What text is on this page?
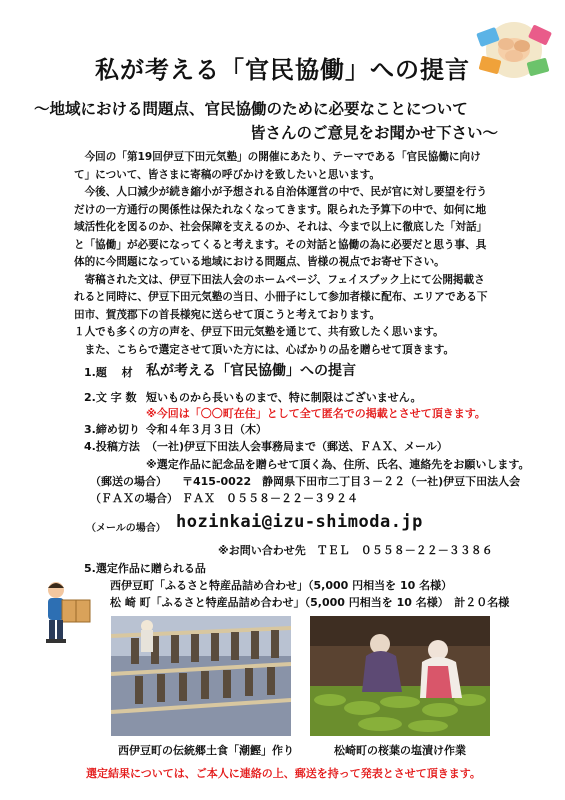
私が考える「官民協働」への提言
～地域における問題点、官民協働のために必要なことについて
皆さんのご意見をお聞かせ下さい～

今回の「第19回伊豆下田元気塾」の開催にあたり、テーマである「官民協働に向けて」について、皆さまに寄稿の呼びかけを致したいと思います。

今後、人口減少が続き縮小が予想される自治体運営の中で、民が官に対し要望を行うだけの一方通行の関係性は保たれなくなってきます。限られた予算下の中で、如何に地域活性化を図るのか、社会保障を支えるのか、それは、今まで以上に徹底した「対話」と「協働」が必要になってくると考えます。その対話と協働の為に必要だと思う事、具体的に今問題になっている地域における問題点、皆様の視点でお寄せ下さい。

寄稿された文は、伊豆下田法人会のホームページ、フェイスブック上にて公開掲載されると同時に、伊豆下田元気塾の当日、小冊子にして参加者様に配布、エリアである下田市、賀茂郡下の首長様宛に送らせて頂こうと考えております。

１人でも多くの方の声を、伊豆下田元気塾を通じて、共有致したく思います。

また、こちらで選定させて頂いた方には、心ばかりの品を贈らせて頂きます。

1.題　 材 私が考える「官民協働」への提言
2.文 字 数 短いものから長いものまで、特に制限はございません。
※今回は「〇〇町在住」として全て匿名での掲載とさせて頂きます。
3.締め切り 令和４年３月３日（木）
4.投稿方法 （一社)伊豆下田法人会事務局まで（郵送、ＦＡＸ、メール）
※選定作品に記念品を贈らせて頂く為、住所、氏名、連絡先をお願いします。
（郵送の場合） 〒415-0022　静岡県下田市二丁目３－２２（一社)伊豆下田法人会
（ＦＡＸの場合） ＦＡＸ　０５５８－２２－３９２４
（メールの場合） hozinkai@izu-shimoda.jp
※お問い合わせ先　ＴＥＬ　０５５８－２２－３３８６
5.選定作品に贈られる品
西伊豆町「ふるさと特産品詰め合わせ」（5,000 円相当を 10 名様）
松 崎 町「ふるさと特産品詰め合わせ」（5,000 円相当を 10 名様）　計２０名様
西伊豆町の伝統郷土食「潮鰹」作り	松崎町の桜葉の塩漬け作業
選定結果については、ご本人に連絡の上、郵送を持って発表とさせて頂きます。
